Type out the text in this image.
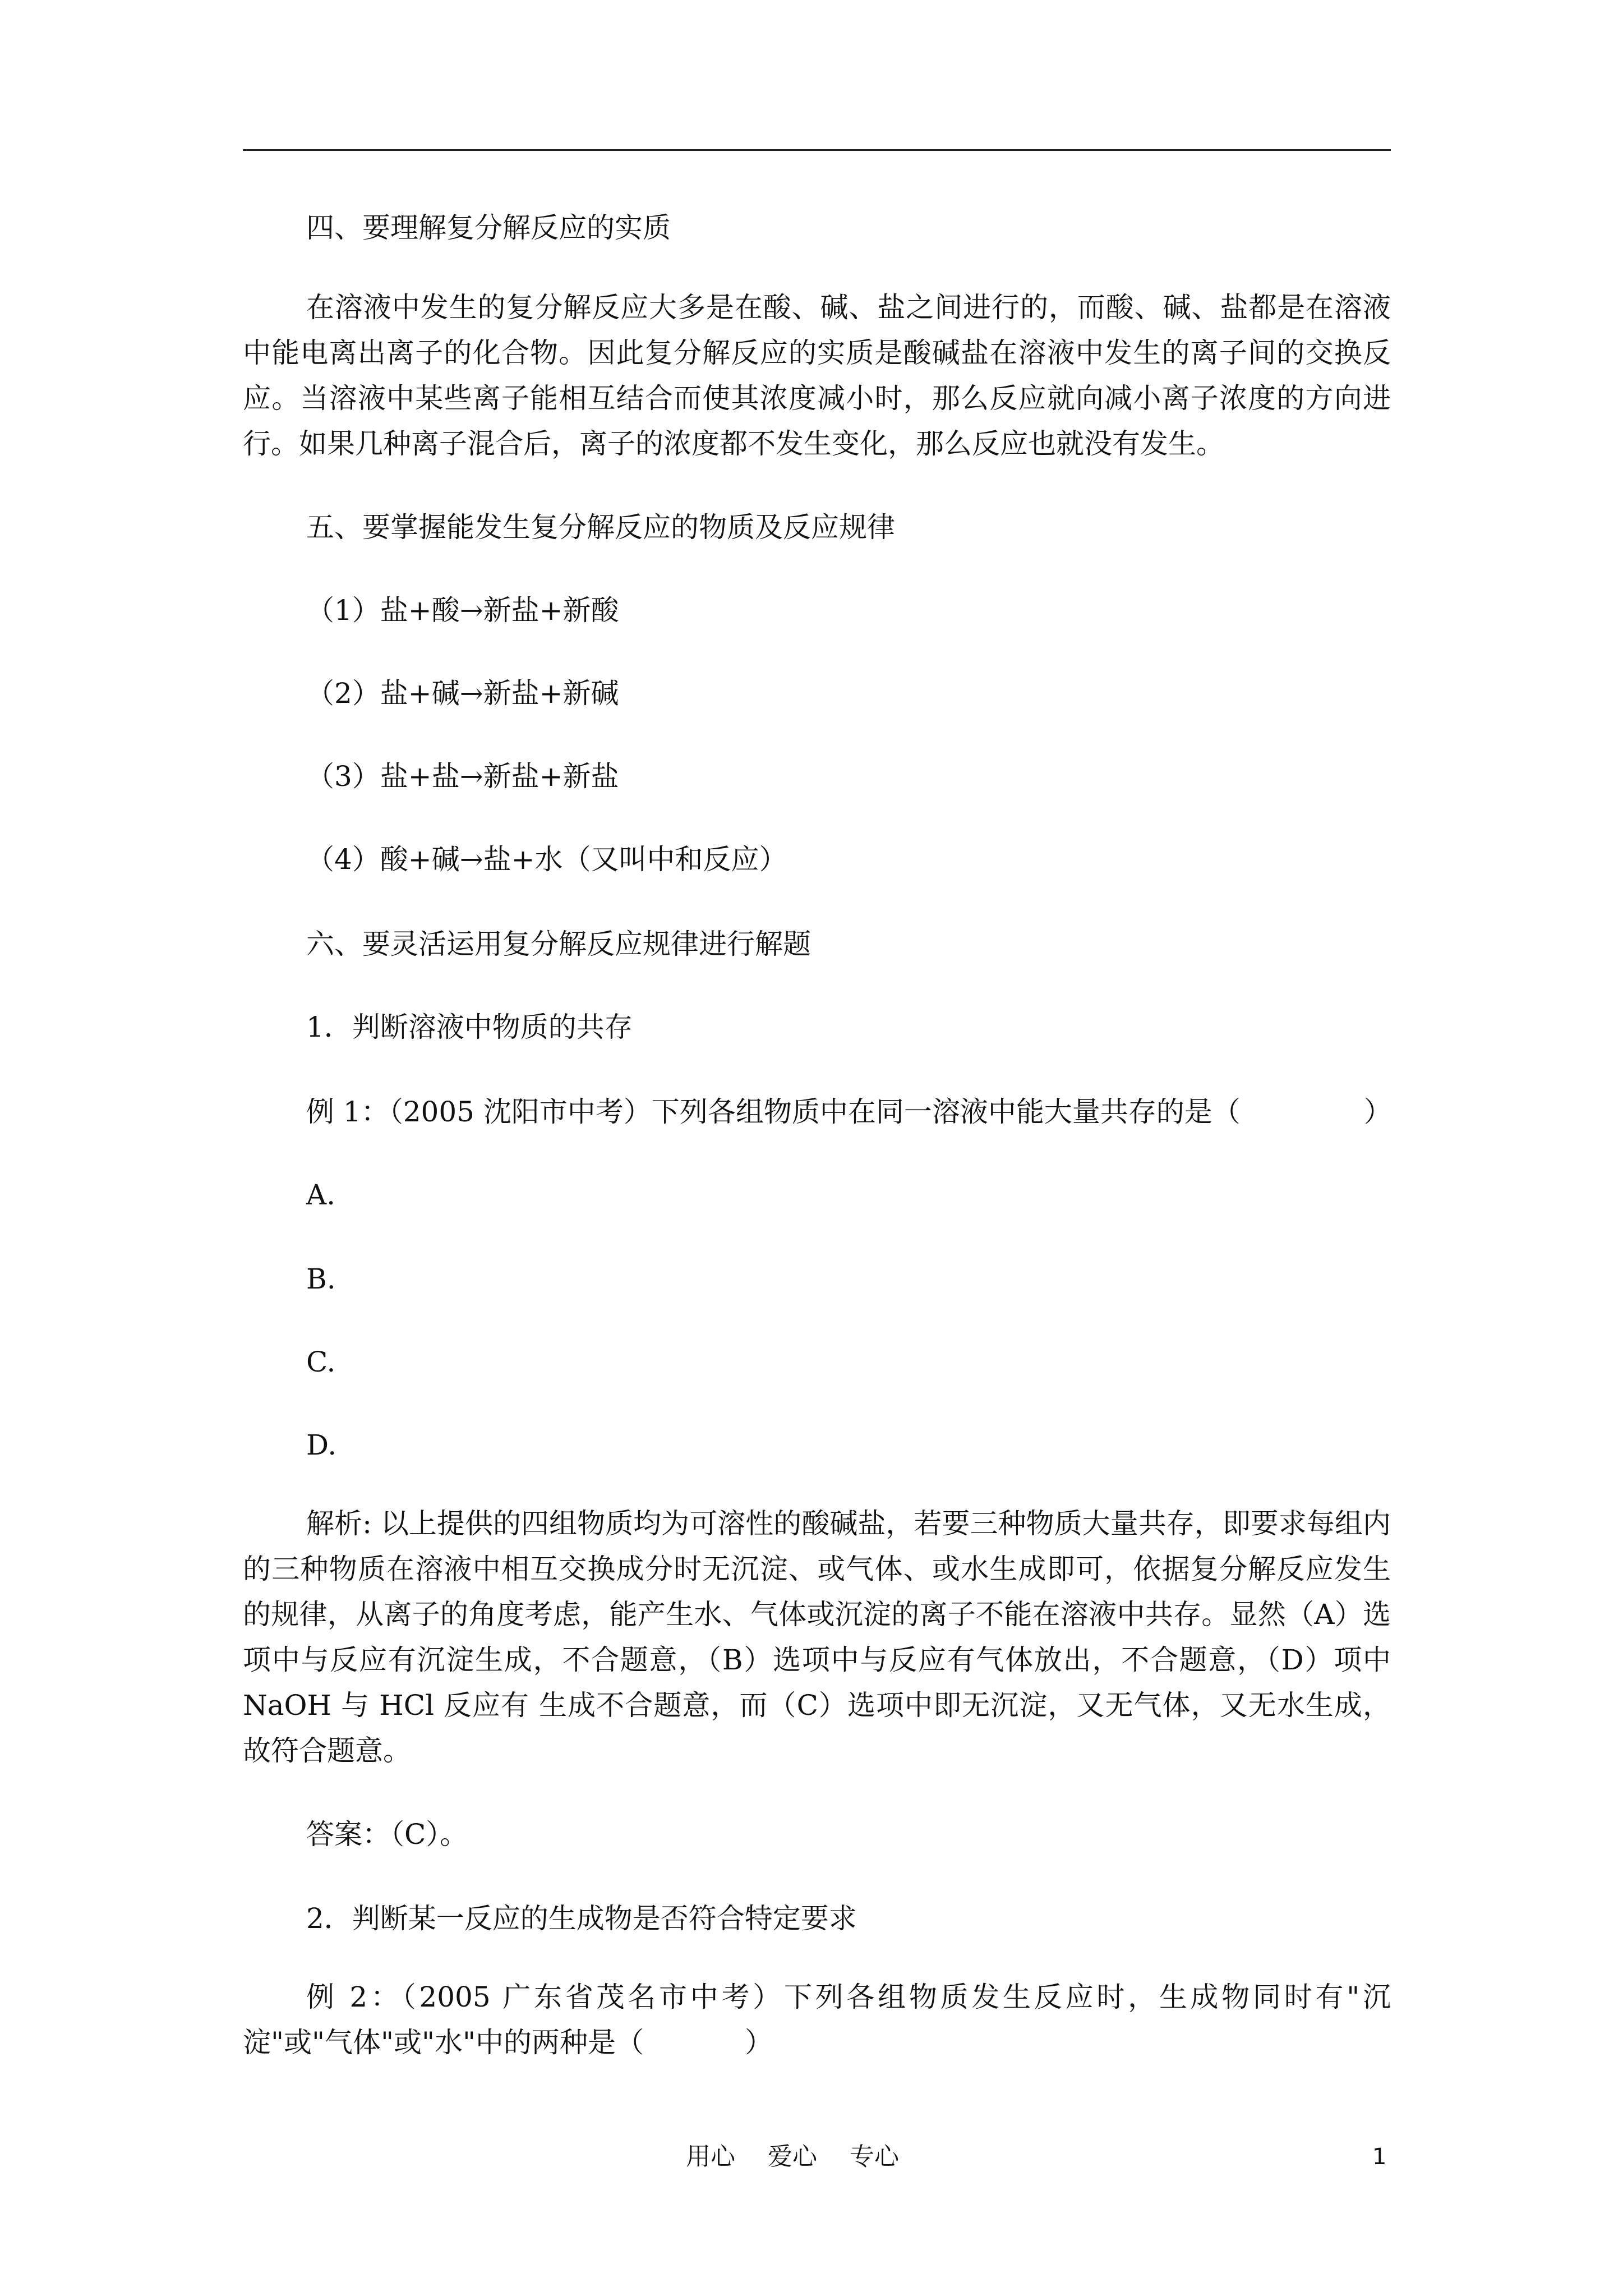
四、要理解复分解反应的实质
在溶液中发生的复分解反应大多是在酸、碱、盐之间进行的，而酸、碱、盐都是在溶液中能电离出离子的化合物。因此复分解反应的实质是酸碱盐在溶液中发生的离子间的交换反应。当溶液中某些离子能相互结合而使其浓度减小时，那么反应就向减小离子浓度的方向进行。如果几种离子混合后，离子的浓度都不发生变化，那么反应也就没有发生。
五、要掌握能发生复分解反应的物质及反应规律
（1）盐+酸→新盐+新酸
（2）盐+碱→新盐+新碱
（3）盐+盐→新盐+新盐
（4）酸+碱→盐+水（又叫中和反应）
六、要灵活运用复分解反应规律进行解题
1．判断溶液中物质的共存
例 1：（2005 沈阳市中考）下列各组物质中在同一溶液中能大量共存的是（	）
A.
B.
C.
D.
解析: 以上提供的四组物质均为可溶性的酸碱盐，若要三种物质大量共存，即要求每组内的三种物质在溶液中相互交换成分时无沉淀、或气体、或水生成即可，依据复分解反应发生的规律，从离子的角度考虑，能产生水、气体或沉淀的离子不能在溶液中共存。显然（A）选项中与反应有沉淀生成，不合题意，（B）选项中与反应有气体放出，不合题意，（D）项中 NaOH 与 HCl 反应有 生成不合题意，而（C）选项中即无沉淀，又无气体，又无水生成，故符合题意。
答案：（C）。
2．判断某一反应的生成物是否符合特定要求
例 2：（2005 广东省茂名市中考）下列各组物质发生反应时，生成物同时有"沉淀"或"气体"或"水"中的两种是（	）
用心 爱心 专心	1
